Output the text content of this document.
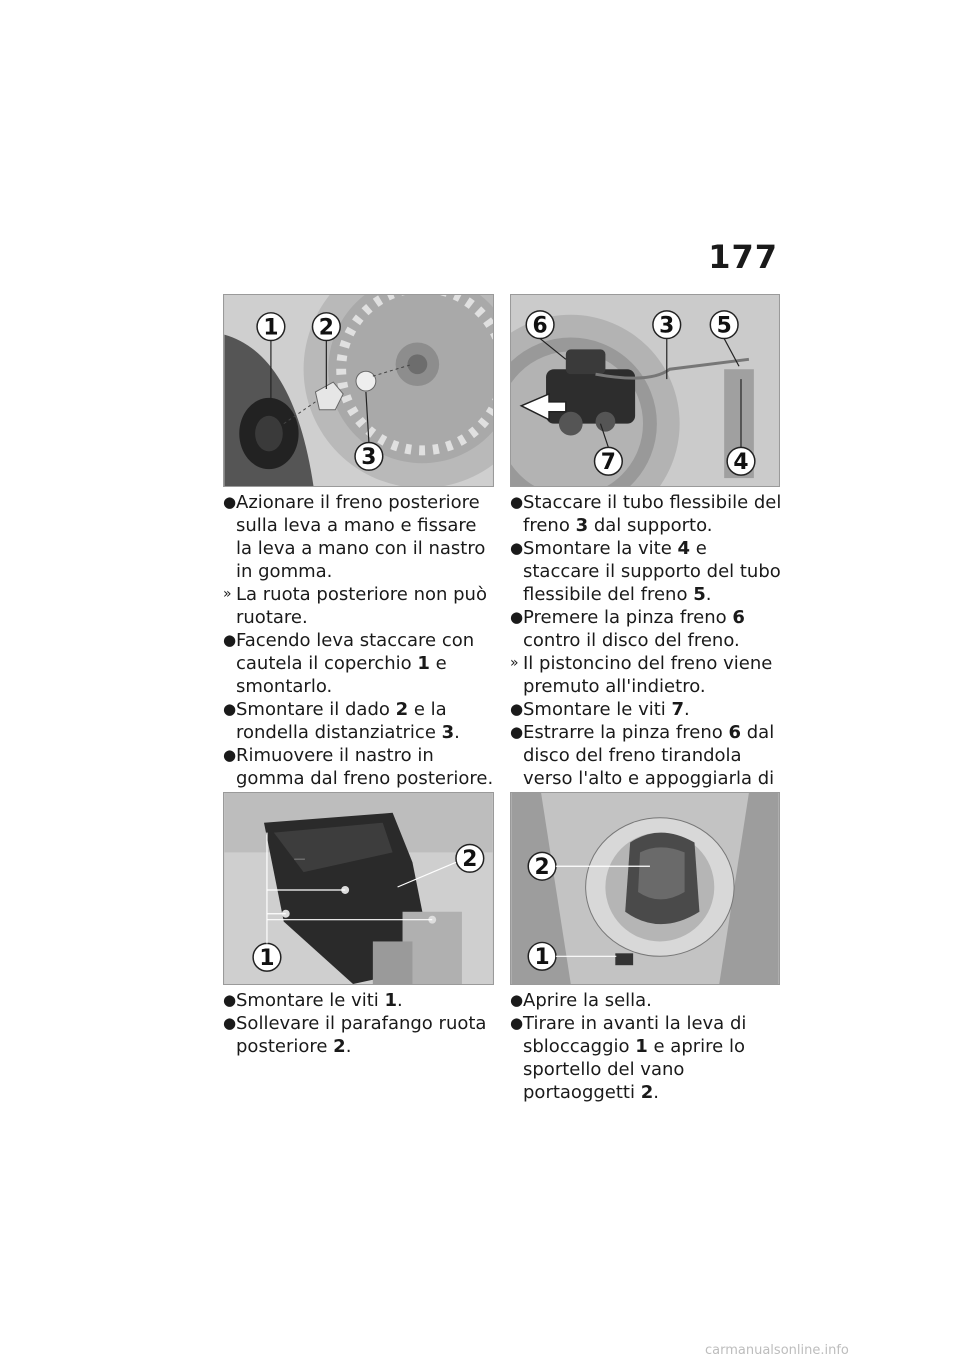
177
1 2
3
6	3 5
7	4

● Azionare il freno posteriore sulla leva a mano e fissare la leva a mano con il nastro in gomma.

» La ruota posteriore non può ruotare.

● Facendo leva staccare con cautela il coperchio 1 e smontarlo.

● Smontare il dado 2 e la rondella distanziatrice 3.

● Rimuovere il nastro in gomma dal freno posteriore.

● Staccare il tubo flessibile del freno 3 dal supporto.

● Smontare la vite 4 e staccare il supporto del tubo flessibile del freno 5.

● Premere la pinza freno 6 contro il disco del freno.

» Il pistoncino del freno viene premuto all'indietro.

● Smontare le viti 7.

● Estrarre la pinza freno 6 dal disco del freno tirandola verso l'alto e appoggiarla di

—	2
1
2
1

● Smontare le viti 1.

● Sollevare il parafango ruota posteriore 2.

● Aprire la sella.

● Tirare in avanti la leva di sbloccaggio 1 e aprire lo sportello del vano portaoggetti 2.

carmanualsonline.info
